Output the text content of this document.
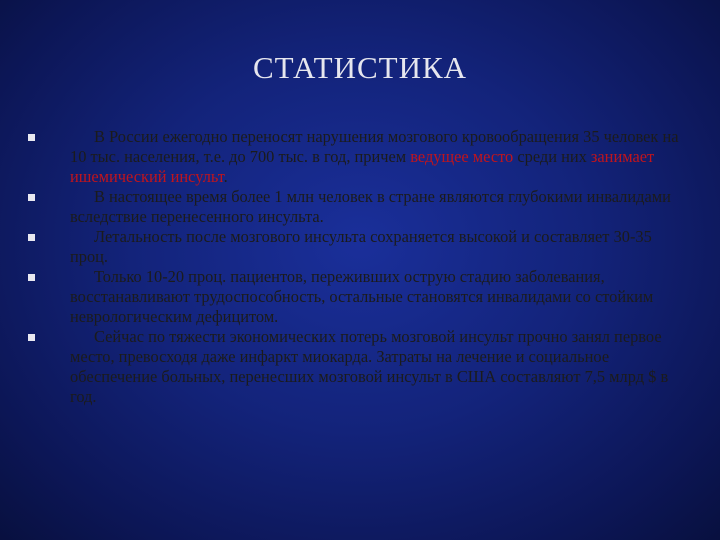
СТАТИСТИКА
В России ежегодно переносят нарушения мозгового кровообращения 35 человек на 10 тыс. населения, т.е. до 700 тыс. в год, причем ведущее место среди них занимает ишемический инсульт.
В настоящее время более 1 млн человек в стране являются глубокими инвалидами вследствие перенесенного инсульта.
Летальность после мозгового инсульта сохраняется высокой и составляет 30-35 проц.
Только 10-20 проц. пациентов, переживших острую стадию заболевания, восстанавливают трудоспособность, остальные становятся инвалидами со стойким неврологическим дефицитом.
Сейчас по тяжести экономических потерь мозговой инсульт прочно занял первое место, превосходя даже инфаркт миокарда. Затраты на лечение и социальное обеспечение больных, перенесших мозговой инсульт в США составляют 7,5 млрд $ в год.
